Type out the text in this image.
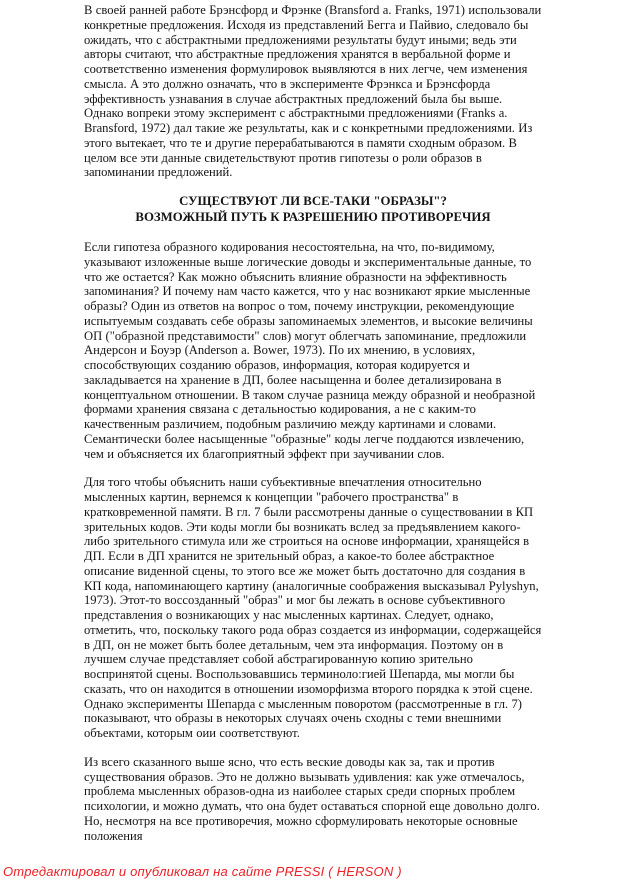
В своей ранней работе Брэнсфорд и Фрэнке (Bransford a. Franks, 1971) использовали конкретные предложения. Исходя из представлений Бегга и Пайвио, следовало бы ожидать, что с абстрактными предложениями результаты будут иными; ведь эти авторы считают, что абстрактные предложения хранятся в вербальной форме и соответственно изменения формулировок выявляются в них легче, чем изменения смысла. А это должно означать, что в эксперименте Фрэнкса и Брэнсфорда эффективность узнавания в случае абстрактных предложений была бы выше. Однако вопреки этому эксперимент с абстрактными предложениями (Franks a. Bransford, 1972) дал такие же результаты, как и с конкретными предложениями. Из этого вытекает, что те и другие перерабатываются в памяти сходным образом. В целом все эти данные свидетельствуют против гипотезы о роли образов в запоминании предложений.

СУЩЕСТВУЮТ ЛИ ВСЕ-ТАКИ "ОБРАЗЫ"?
ВОЗМОЖНЫЙ ПУТЬ К РАЗРЕШЕНИЮ ПРОТИВОРЕЧИЯ

Если гипотеза образного кодирования несостоятельна, на что, по-видимому, указывают изложенные выше логические доводы и экспериментальные данные, то что же остается? Как можно объяснить влияние образности на эффективность запоминания? И почему нам часто кажется, что у нас возникают яркие мысленные образы? Один из ответов на вопрос о том, почему инструкции, рекомендующие испытуемым создавать себе образы запоминаемых элементов, и высокие величины ОП ("образной представимости" слов) могут облегчать запоминание, предложили Андерсон и Боуэр (Anderson a. Bower, 1973). По их мнению, в условиях, способствующих созданию образов, информация, которая кодируется и закладывается на хранение в ДП, более насыщенна и более детализирована в концептуальном отношении. В таком случае разница между образной и необразной формами хранения связана с детальностью кодирования, а не с каким-то качественным различием, подобным различию между картинами и словами. Семантически более насыщенные "образные" коды легче поддаются извлечению, чем и объясняется их благоприятный эффект при заучивании слов.

Для того чтобы объяснить наши субъективные впечатления относительно мысленных картин, вернемся к концепции "рабочего пространства" в кратковременной памяти. В гл. 7 были рассмотрены данные о существовании в КП зрительных кодов. Эти коды могли бы возникать вслед за предъявлением какого-либо зрительного стимула или же строиться на основе информации, хранящейся в ДП. Если в ДП хранится не зрительный образ, а какое-то более абстрактное описание виденной сцены, то этого все же может быть достаточно для создания в КП кода, напоминающего картину (аналогичные соображения высказывал Pylyshyn, 1973). Этот-то воссозданный "образ" и мог бы лежать в основе субъективного представления о возникающих у нас мысленных картинах. Следует, однако, отметить, что, поскольку такого рода образ создается из информации, содержащейся в ДП, он не может быть более детальным, чем эта информация. Поэтому он в лучшем случае представляет собой абстрагированную копию зрительно воспринятой сцены. Воспользовавшись терминоло:гией Шепарда, мы могли бы сказать, что он находится в отношении изоморфизма второго порядка к этой сцене. Однако эксперименты Шепарда с мысленным поворотом (рассмотренные в гл. 7) показывают, что образы в некоторых случаях очень сходны с теми внешними объектами, которым оии соответствуют.

Из всего сказанного выше ясно, что есть веские доводы как за, так и против существования образов. Это не должно вызывать удивления: как уже отмечалось, проблема мысленных образов-одна из наиболее старых среди спорных проблем психологии, и можно думать, что она будет оставаться спорной еще довольно долго. Но, несмотря на все противоречия, можно сформулировать некоторые основные положения

Отредактировал и опубликовал на сайте PRESSI ( HERSON )
